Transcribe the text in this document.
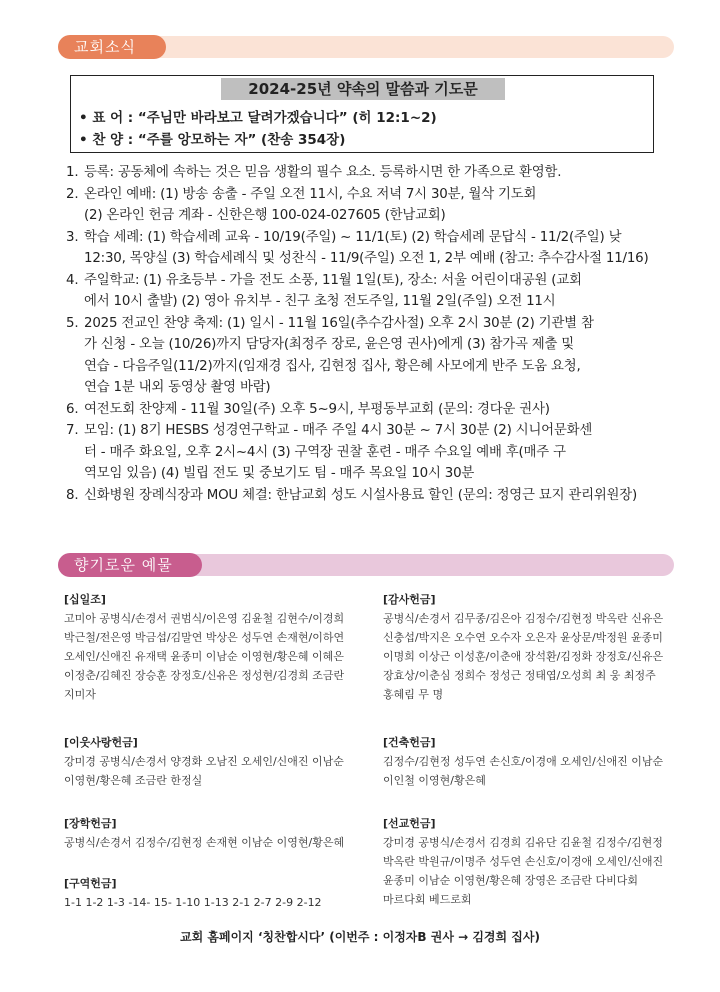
교회소식
2024-25년 약속의 말씀과 기도문
• 표 어 : “주님만 바라보고 달려가겠습니다” (히 12:1~2)
• 찬 양 : “주를 앙모하는 자” (찬송 354장)
1. 등록: 공동체에 속하는 것은 믿음 생활의 필수 요소. 등록하시면 한 가족으로 환영함.
2. 온라인 예배: (1) 방송 송출 - 주일 오전 11시, 수요 저녁 7시 30분, 월삭 기도회
(2) 온라인 헌금 계좌 - 신한은행 100-024-027605 (한남교회)
3. 학습 세례: (1) 학습세례 교육 - 10/19(주일) ~ 11/1(토) (2) 학습세례 문답식 - 11/2(주일) 낮
12:30, 목양실 (3) 학습세례식 및 성찬식 - 11/9(주일) 오전 1, 2부 예배 (참고: 추수감사절 11/16)
4. 주일학교: (1) 유초등부 - 가을 전도 소풍, 11월 1일(토), 장소: 서울 어린이대공원 (교회
에서 10시 출발) (2) 영아 유치부 - 친구 초청 전도주일, 11월 2일(주일) 오전 11시
5. 2025 전교인 찬양 축제: (1) 일시 - 11월 16일(추수감사절) 오후 2시 30분 (2) 기관별 참
가 신청 - 오늘 (10/26)까지 담당자(최정주 장로, 윤은영 권사)에게 (3) 참가곡 제출 및
연습 - 다음주일(11/2)까지(임재경 집사, 김현정 집사, 황은혜 사모에게 반주 도움 요청,
연습 1분 내외 동영상 촬영 바람)
6. 여전도회 찬양제 - 11월 30일(주) 오후 5~9시, 부평동부교회 (문의: 경다운 권사)
7. 모임: (1) 8기 HESBS 성경연구학교 - 매주 주일 4시 30분 ~ 7시 30분 (2) 시니어문화센
터 - 매주 화요일, 오후 2시~4시 (3) 구역장 권찰 훈련 - 매주 수요일 예배 후(매주 구
역모임 있음) (4) 빌립 전도 및 중보기도 팀 - 매주 목요일 10시 30분
8. 신화병원 장례식장과 MOU 체결: 한남교회 성도 시설사용료 할인 (문의: 정영근 묘지 관리위원장)
향기로운 예물
[십일조]
고미아 공병식/손경서 권범식/이은영 김윤철 김현수/이경희
박근철/전은영 박금섭/김말연 박상은 성두연 손재현/이하연
오세인/신애진 유재택 윤종미 이남순 이영현/황은혜 이혜은
이정춘/김혜진 장승훈 장정호/신유은 정성현/김경희 조금란
지미자
[감사헌금]
공병식/손경서 김무종/김은아 김정수/김현정 박옥란 신유은
신충섭/박지은 오수연 오수자 오은자 윤상문/박정원 윤종미
이명희 이상근 이성훈/이춘애 장석환/김정화 장정호/신유은
장효상/이춘심 정희수 정성근 정태엽/오성희 최 웅 최정주
홍혜림 무 명
[이웃사랑헌금]
강미경 공병식/손경서 양경화 오남진 오세인/신애진 이남순
이영현/황은혜 조금란 한정실
[건축헌금]
김정수/김현정 성두연 손신호/이경애 오세인/신애진 이남순
이인철 이영현/황은혜
[장학헌금]
공병식/손경서 김정수/김현정 손재현 이남순 이영현/황은혜
[선교헌금]
강미경 공병식/손경서 김경희 김유단 김윤철 김정수/김현정
박옥란 박원규/이명주 성두연 손신호/이경애 오세인/신애진
윤종미 이남순 이영현/황은혜 장영은 조금란 다비다회
마르다회 베드로회
[구역헌금]
1-1 1-2 1-3 -14- 15- 1-10 1-13 2-1 2-7 2-9 2-12
교회 홈페이지 ‘칭찬합시다’ (이번주 : 이정자B 권사 → 김경희 집사)
